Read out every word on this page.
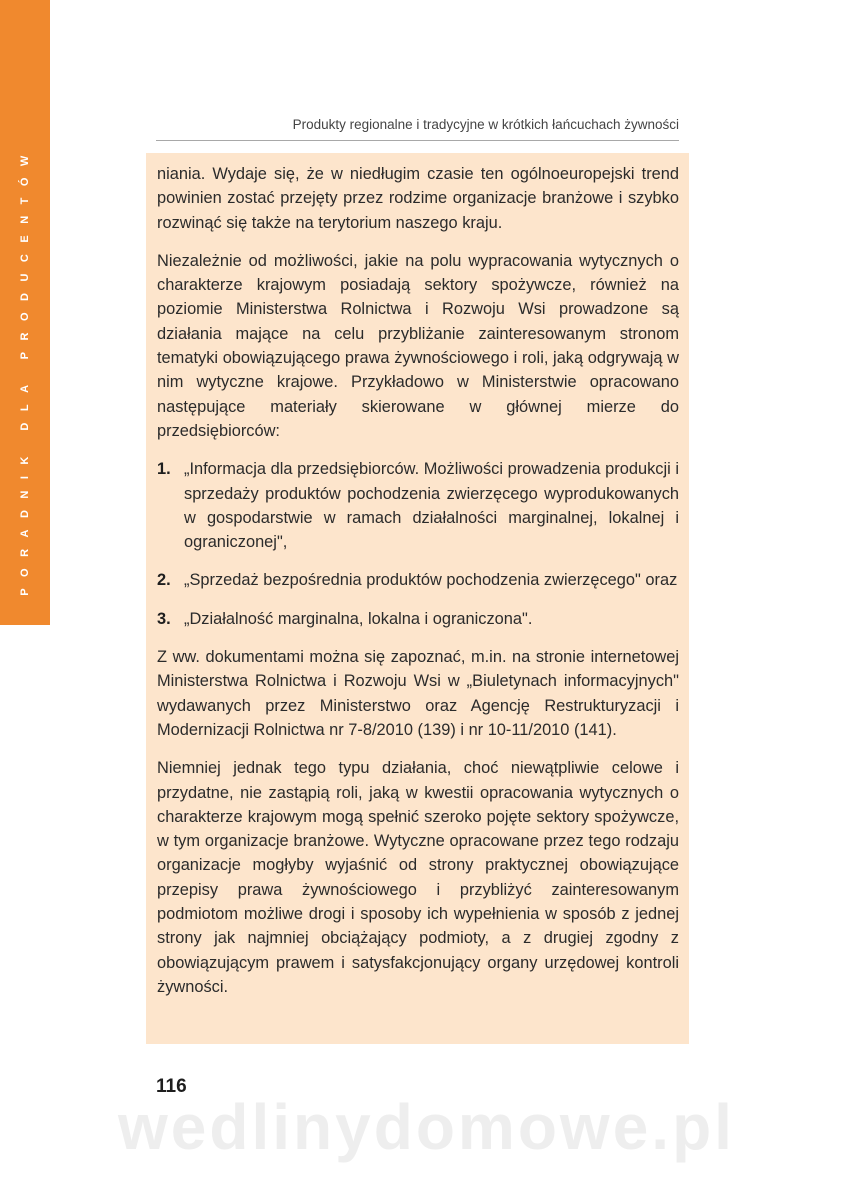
PORADNIK DLA PRODUCENTÓW
Produkty regionalne i tradycyjne w krótkich łańcuchach żywności

niania. Wydaje się, że w niedługim czasie ten ogólnoeuropejski trend powinien zostać przejęty przez rodzime organizacje branżowe i szybko rozwinąć się także na terytorium naszego kraju.

Niezależnie od możliwości, jakie na polu wypracowania wytycznych o charakterze krajowym posiadają sektory spożywcze, również na poziomie Ministerstwa Rolnictwa i Rozwoju Wsi prowadzone są działania mające na celu przybliżanie zainteresowanym stronom tematyki obowiązującego prawa żywnościowego i roli, jaką odgrywają w nim wytyczne krajowe. Przykładowo w Ministerstwie opracowano następujące materiały skierowane w głównej mierze do przedsiębiorców:

1. „Informacja dla przedsiębiorców. Możliwości prowadzenia produkcji i sprzedaży produktów pochodzenia zwierzęcego wyprodukowanych w gospodarstwie w ramach działalności marginalnej, lokalnej i ograniczonej",
2. „Sprzedaż bezpośrednia produktów pochodzenia zwierzęcego" oraz
3. „Działalność marginalna, lokalna i ograniczona".

Z ww. dokumentami można się zapoznać, m.in. na stronie internetowej Ministerstwa Rolnictwa i Rozwoju Wsi w „Biuletynach informacyjnych" wydawanych przez Ministerstwo oraz Agencję Restrukturyzacji i Modernizacji Rolnictwa nr 7-8/2010 (139) i nr 10-11/2010 (141).

Niemniej jednak tego typu działania, choć niewątpliwie celowe i przydatne, nie zastąpią roli, jaką w kwestii opracowania wytycznych o charakterze krajowym mogą spełnić szeroko pojęte sektory spożywcze, w tym organizacje branżowe. Wytyczne opracowane przez tego rodzaju organizacje mogłyby wyjaśnić od strony praktycznej obowiązujące przepisy prawa żywnościowego i przybliżyć zainteresowanym podmiotom możliwe drogi i sposoby ich wypełnienia w sposób z jednej strony jak najmniej obciążający podmioty, a z drugiej zgodny z obowiązującym prawem i satysfakcjonujący organy urzędowej kontroli żywności.

116
wedlinydomowe.pl
